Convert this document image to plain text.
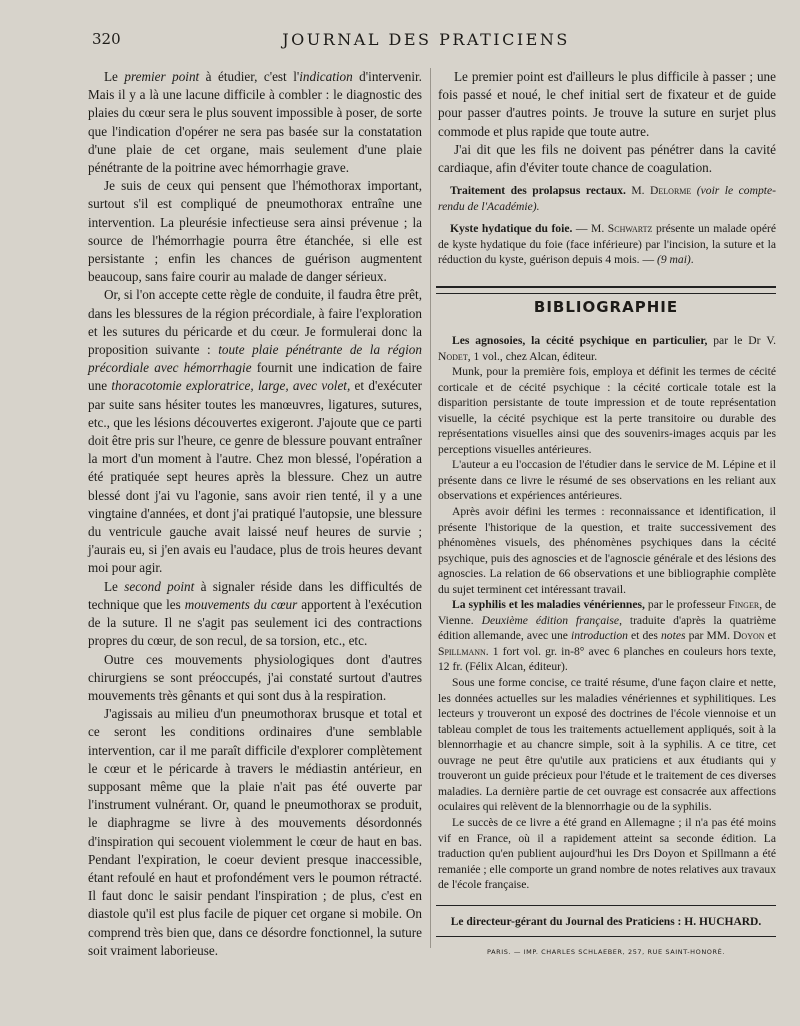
320	JOURNAL DES PRATICIENS

Le premier point à étudier, c'est l'indication d'intervenir. Mais il y a là une lacune difficile à combler : le diagnostic des plaies du cœur sera le plus souvent impossible à poser, de sorte que l'indication d'opérer ne sera pas basée sur la constatation d'une plaie de cet organe, mais seulement d'une plaie pénétrante de la poitrine avec hémorrhagie grave.

Je suis de ceux qui pensent que l'hémothorax important, surtout s'il est compliqué de pneumothorax entraîne une intervention. La pleurésie infectieuse sera ainsi prévenue ; la source de l'hémorrhagie pourra être étanchée, si elle est persistante ; enfin les chances de guérison augmentent beaucoup, sans faire courir au malade de danger sérieux.

Or, si l'on accepte cette règle de conduite, il faudra être prêt, dans les blessures de la région précordiale, à faire l'exploration et les sutures du péricarde et du cœur. Je formulerai donc la proposition suivante : toute plaie pénétrante de la région précordiale avec hémorrhagie fournit une indication de faire une thoracotomie exploratrice, large, avec volet, et d'exécuter par suite sans hésiter toutes les manœuvres, ligatures, sutures, etc., que les lésions découvertes exigeront. J'ajoute que ce parti doit être pris sur l'heure, ce genre de blessure pouvant entraîner la mort d'un moment à l'autre. Chez mon blessé, l'opération a été pratiquée sept heures après la blessure. Chez un autre blessé dont j'ai vu l'agonie, sans avoir rien tenté, il y a une vingtaine d'années, et dont j'ai pratiqué l'autopsie, une blessure du ventricule gauche avait laissé neuf heures de survie ; j'aurais eu, si j'en avais eu l'audace, plus de trois heures devant moi pour agir.

Le second point à signaler réside dans les difficultés de technique que les mouvements du cœur apportent à l'exécution de la suture. Il ne s'agit pas seulement ici des contractions propres du cœur, de son recul, de sa torsion, etc., etc.

Outre ces mouvements physiologiques dont d'autres chirurgiens se sont préoccupés, j'ai constaté surtout d'autres mouvements très gênants et qui sont dus à la respiration.

J'agissais au milieu d'un pneumothorax brusque et total et ce seront les conditions ordinaires d'une semblable intervention, car il me paraît difficile d'explorer complètement le cœur et le péricarde à travers le médiastin antérieur, en supposant même que la plaie n'ait pas été ouverte par l'instrument vulnérant. Or, quand le pneumothorax se produit, le diaphragme se livre à des mouvements désordonnés d'inspiration qui secouent violemment le cœur de haut en bas. Pendant l'expiration, le coeur devient presque inaccessible, étant refoulé en haut et profondément vers le poumon rétracté. Il faut donc le saisir pendant l'inspiration ; de plus, c'est en diastole qu'il est plus facile de piquer cet organe si mobile. On comprend très bien que, dans ce désordre fonctionnel, la suture soit vraiment laborieuse.

Le premier point est d'ailleurs le plus difficile à passer ; une fois passé et noué, le chef initial sert de fixateur et de guide pour passer d'autres points. Je trouve la suture en surjet plus commode et plus rapide que toute autre.

J'ai dit que les fils ne doivent pas pénétrer dans la cavité cardiaque, afin d'éviter toute chance de coagulation.

Traitement des prolapsus rectaux. M. Delorme (voir le compte-rendu de l'Académie).

Kyste hydatique du foie. — M. Schwartz présente un malade opéré de kyste hydatique du foie (face inférieure) par l'incision, la suture et la réduction du kyste, guérison depuis 4 mois. — (9 mai).

BIBLIOGRAPHIE

Les agnosoies, la cécité psychique en particulier, par le Dr V. Nodet, 1 vol., chez Alcan, éditeur.

Munk, pour la première fois, employa et définit les termes de cécité corticale et de cécité psychique : la cécité corticale totale est la disparition persistante de toute impression et de toute représentation visuelle, la cécité psychique est la perte transitoire ou durable des représentations visuelles ainsi que des souvenirs-images acquis par les perceptions visuelles antérieures.

L'auteur a eu l'occasion de l'étudier dans le service de M. Lépine et il présente dans ce livre le résumé de ses observations en les reliant aux observations et expériences antérieures.

Après avoir défini les termes : reconnaissance et identification, il présente l'historique de la question, et traite successivement des phénomènes visuels, des phénomènes psychiques dans la cécité psychique, puis des agnoscies et de l'agnoscie générale et des lésions des agnoscies. La relation de 66 observations et une bibliographie complète du sujet terminent cet intéressant travail.

La syphilis et les maladies vénériennes, par le professeur Finger, de Vienne. Deuxième édition française, traduite d'après la quatrième édition allemande, avec une introduction et des notes par MM. Doyon et Spillmann. 1 fort vol. gr. in-8° avec 6 planches en couleurs hors texte, 12 fr. (Félix Alcan, éditeur).

Sous une forme concise, ce traité résume, d'une façon claire et nette, les données actuelles sur les maladies vénériennes et syphilitiques. Les lecteurs y trouveront un exposé des doctrines de l'école viennoise et un tableau complet de tous les traitements actuellement appliqués, soit à la blennorrhagie et au chancre simple, soit à la syphilis. A ce titre, cet ouvrage ne peut être qu'utile aux praticiens et aux étudiants qui y trouveront un guide précieux pour l'étude et le traitement de ces diverses maladies. La dernière partie de cet ouvrage est consacrée aux affections oculaires qui relèvent de la blennorrhagie ou de la syphilis.

Le succès de ce livre a été grand en Allemagne ; il n'a pas été moins vif en France, où il a rapidement atteint sa seconde édition. La traduction qu'en publient aujourd'hui les Drs Doyon et Spillmann a été remaniée ; elle comporte un grand nombre de notes relatives aux travaux de l'école française.

Le directeur-gérant du Journal des Praticiens : H. HUCHARD.
PARIS. — IMP. CHARLES SCHLAEBER, 257, RUE SAINT-HONORÉ.
